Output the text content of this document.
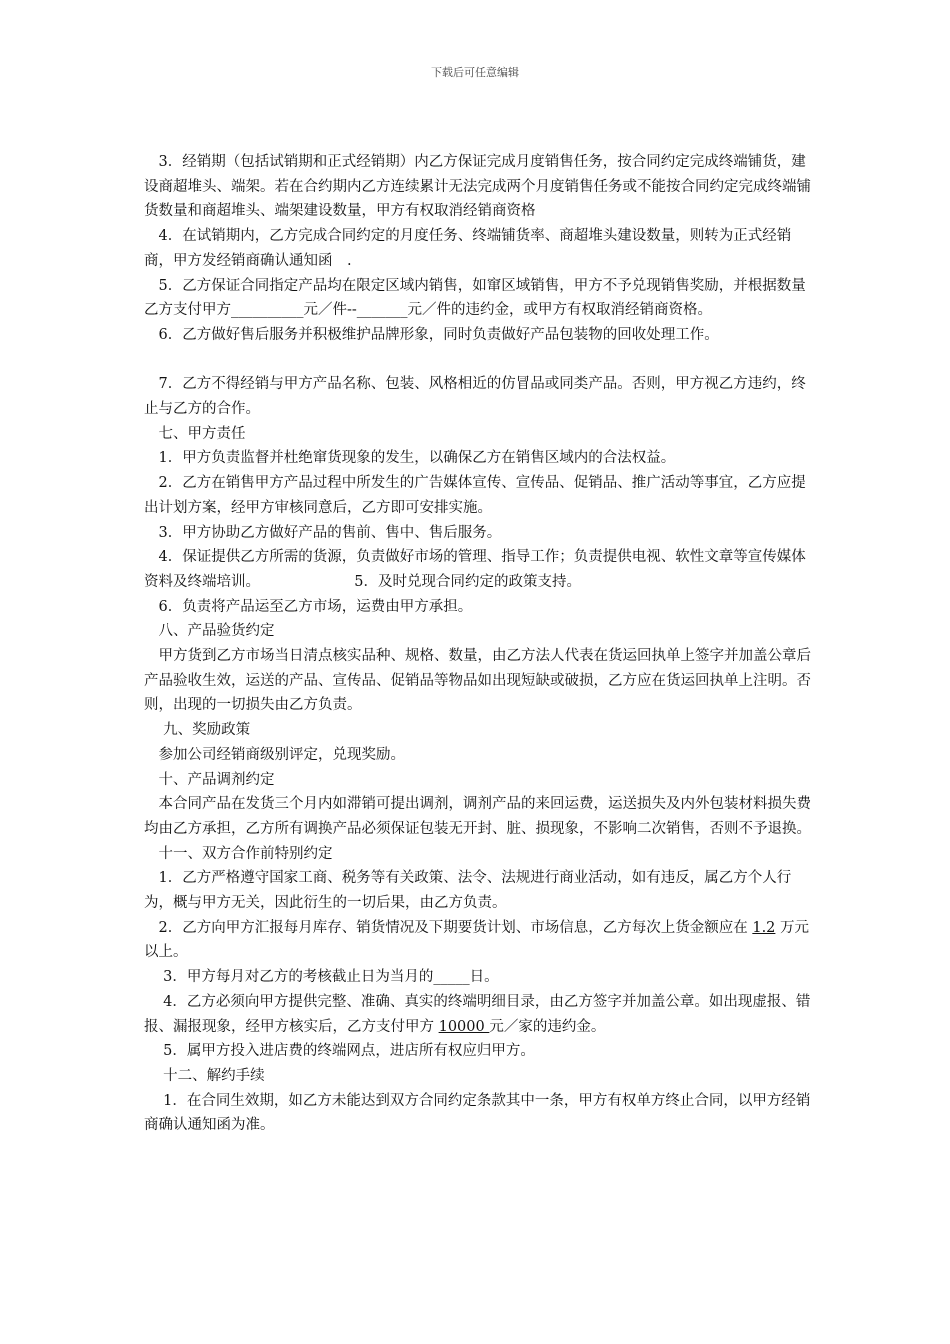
下载后可任意编辑

　3．经销期（包括试销期和正式经销期）内乙方保证完成月度销售任务，按合同约定完成终端铺货，建设商超堆头、端架。若在合约期内乙方连续累计无法完成两个月度销售任务或不能按合同约定完成终端铺货数量和商超堆头、端架建设数量，甲方有权取消经销商资格

　4．在试销期内，乙方完成合同约定的月度任务、终端铺货率、商超堆头建设数量，则转为正式经销商，甲方发经销商确认通知函　.

　5．乙方保证合同指定产品均在限定区域内销售，如窜区域销售，甲方不予兑现销售奖励，并根据数量乙方支付甲方__________元／件--_______元／件的违约金，或甲方有权取消经销商资格。

　6．乙方做好售后服务并积极维护品牌形象，同时负责做好产品包装物的回收处理工作。

　7．乙方不得经销与甲方产品名称、包装、风格相近的仿冒品或同类产品。否则，甲方视乙方违约，终止与乙方的合作。

　七、甲方责任

　1．甲方负责监督并杜绝窜货现象的发生，以确保乙方在销售区域内的合法权益。

　2．乙方在销售甲方产品过程中所发生的广告媒体宣传、宣传品、促销品、推广活动等事宜，乙方应提出计划方案，经甲方审核同意后，乙方即可安排实施。

　3．甲方协助乙方做好产品的售前、售中、售后服务。

　4．保证提供乙方所需的货源，负责做好市场的管理、指导工作；负责提供电视、软性文章等宣传媒体资料及终端培训。　　　　　　　5．及时兑现合同约定的政策支持。

　6．负责将产品运至乙方市场，运费由甲方承担。

　八、产品验货约定

　甲方货到乙方市场当日清点核实品种、规格、数量，由乙方法人代表在货运回执单上签字并加盖公章后产品验收生效，运送的产品、宣传品、促销品等物品如出现短缺或破损，乙方应在货运回执单上注明。否则，出现的一切损失由乙方负责。

　 九、奖励政策

　参加公司经销商级别评定，兑现奖励。

　十、产品调剂约定

　本合同产品在发货三个月内如滞销可提出调剂，调剂产品的来回运费，运送损失及内外包装材料损失费均由乙方承担，乙方所有调换产品必须保证包装无开封、脏、损现象，不影响二次销售，否则不予退换。

　十一、双方合作前特别约定

　1．乙方严格遵守国家工商、税务等有关政策、法令、法规进行商业活动，如有违反，属乙方个人行为，概与甲方无关，因此衍生的一切后果，由乙方负责。

　2．乙方向甲方汇报每月库存、销货情况及下期要货计划、市场信息，乙方每次上货金额应在 1.2 万元以上。

　 3．甲方每月对乙方的考核截止日为当月的_____日。

　 4．乙方必须向甲方提供完整、准确、真实的终端明细目录，由乙方签字并加盖公章。如出现虚报、错报、漏报现象，经甲方核实后，乙方支付甲方 10000 元／家的违约金。

　 5．属甲方投入进店费的终端网点，进店所有权应归甲方。

　 十二、解约手续

　 1．在合同生效期，如乙方未能达到双方合同约定条款其中一条，甲方有权单方终止合同，以甲方经销商确认通知函为准。
